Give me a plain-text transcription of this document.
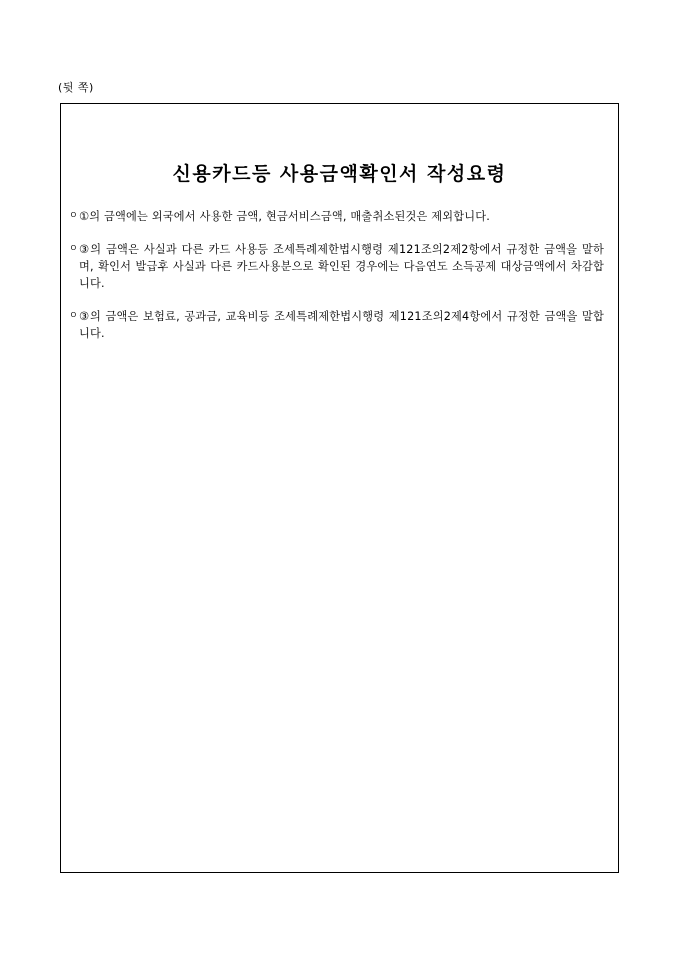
(뒷 쪽)
신용카드등 사용금액확인서 작성요령
ㅇ ①의 금액에는 외국에서 사용한 금액, 현금서비스금액, 매출취소된것은 제외합니다.
ㅇ ③의 금액은 사실과 다른 카드 사용등 조세특례제한법시행령 제121조의2제2항에서 규정한 금액을 말하며, 확인서 발급후 사실과 다른 카드사용분으로 확인된 경우에는 다음연도 소득공제 대상금액에서 차감합니다.
ㅇ ③의 금액은 보험료, 공과금, 교육비등 조세특례제한법시행령 제121조의2제4항에서 규정한 금액을 말합니다.
